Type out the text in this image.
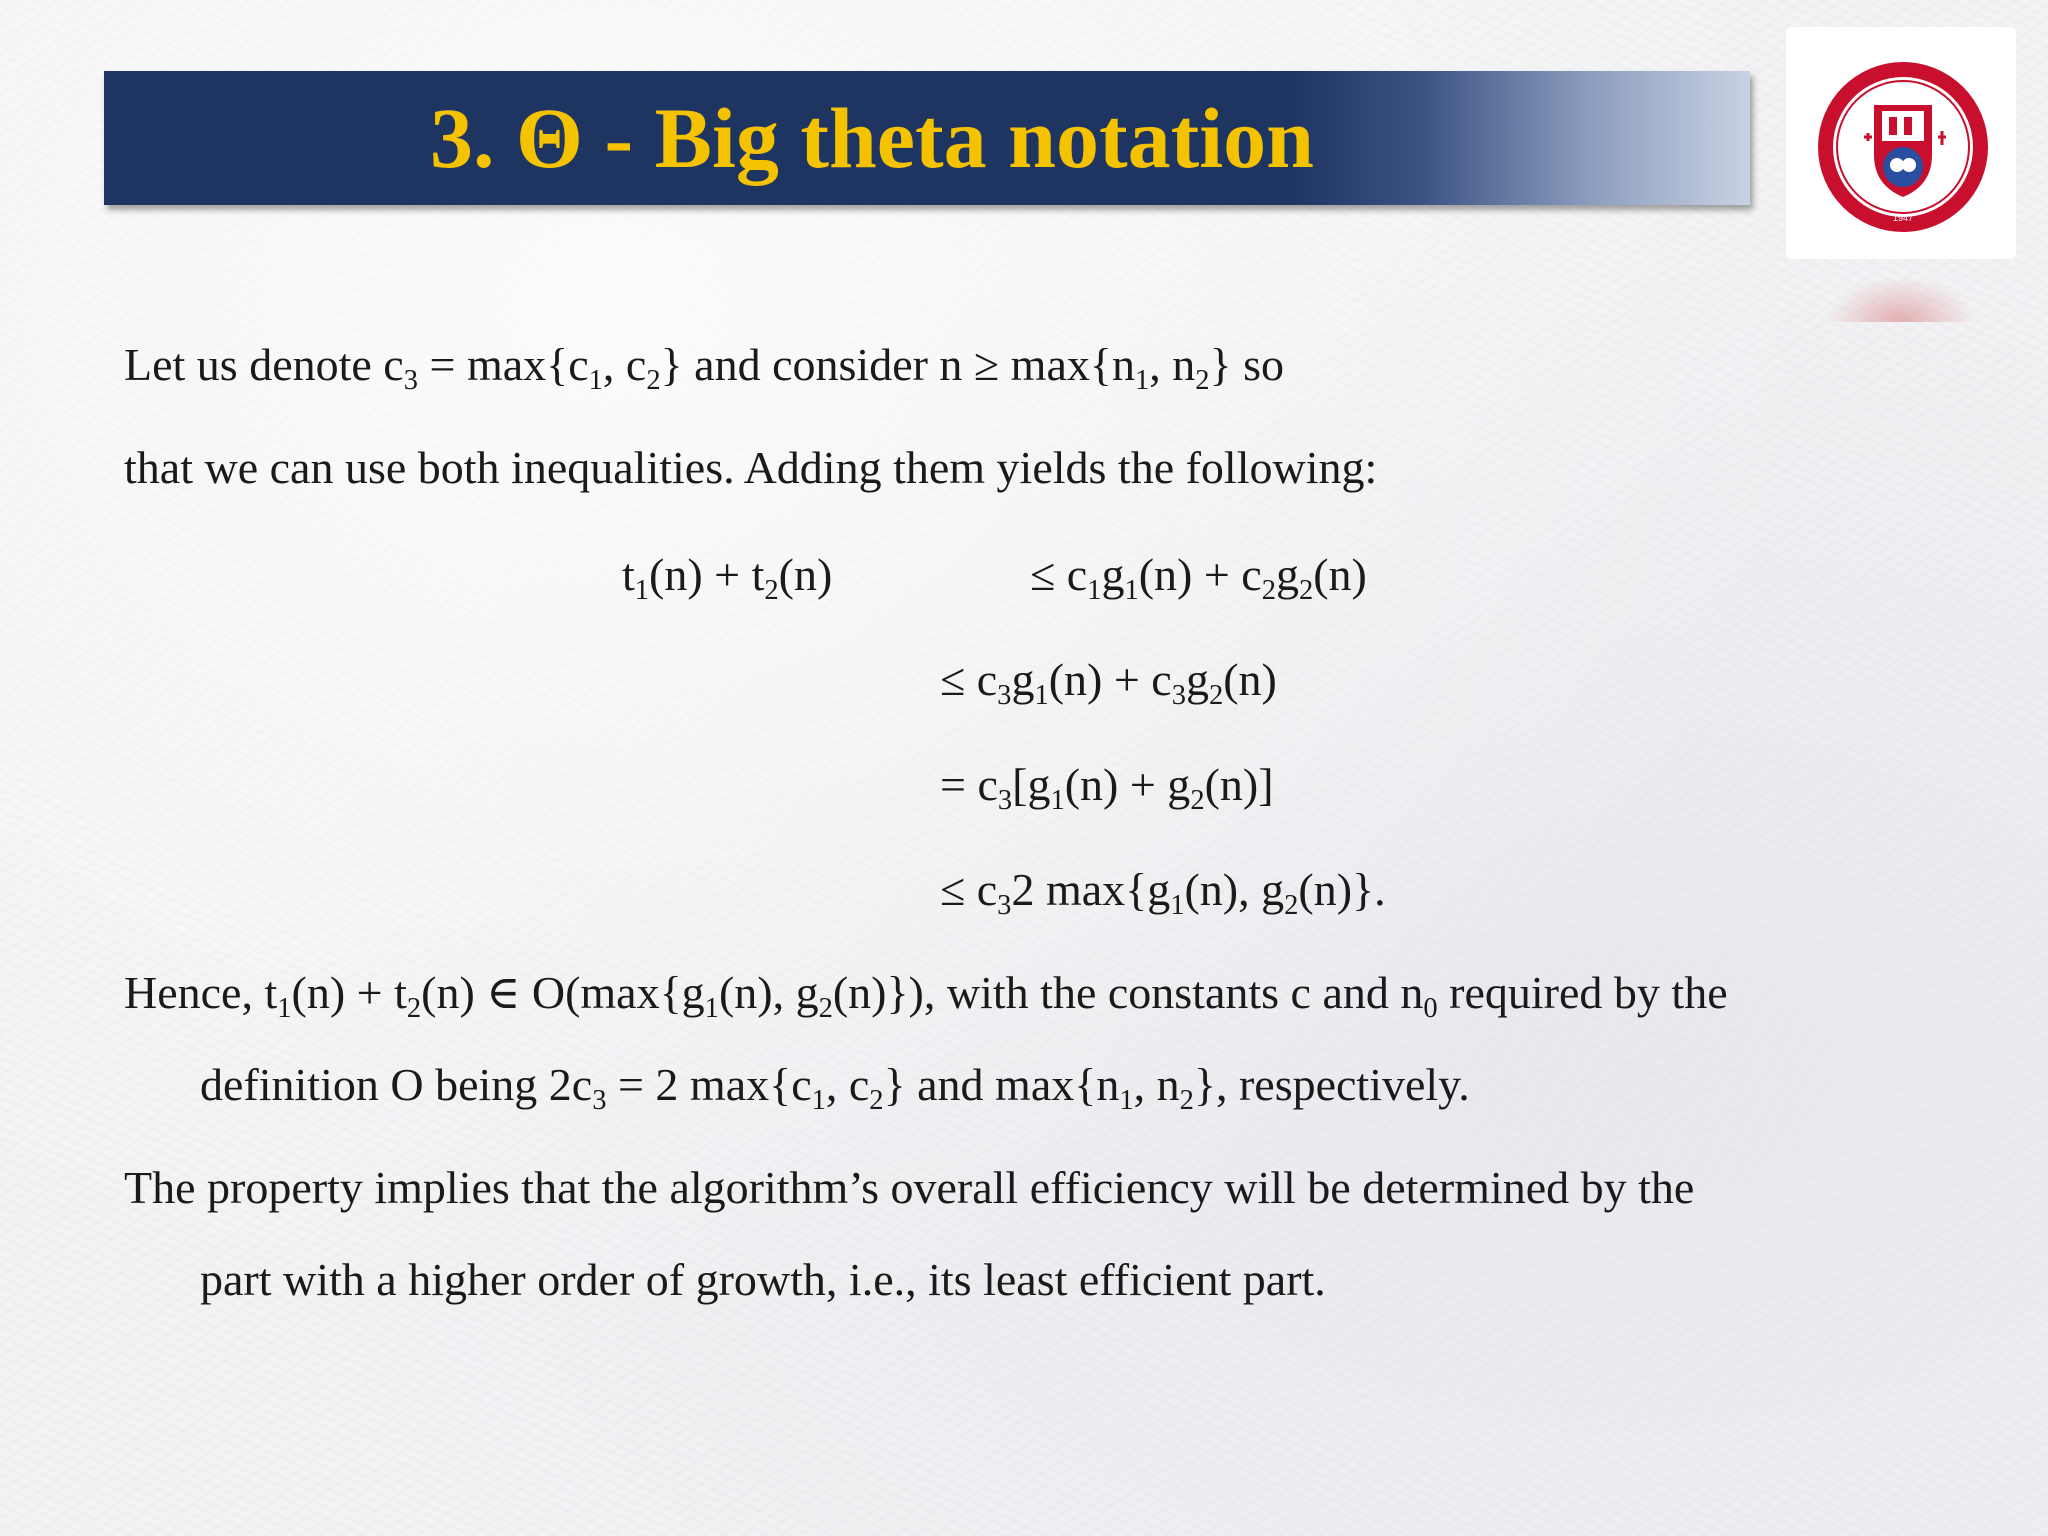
3. Θ - Big theta notation
1947
Let us denote $c_3 = \max\{c_1$, $c_2$} and consider $n \ge \max\{n_1$, $n_2$} so
that we can use both inequalities. Adding them yields the following:
$t_1(n) + t_2(n)$	≤ $c_1g_1(n) + c_2g_2(n)$
≤ $c_3g_1(n) + c_3g_2(n)$
= $c_3[g_1(n) + g_2(n)]$
≤ $c_32$ $\max\{g_1(n)$, $g_2(n)$}.
Hence, $t_1(n) + t_2(n)$ ∈ $O(\max\{g_1(n)$, $g_2(n)$}), with the constants c and $n_0$ required by the
definition O being $2c_3 = 2$ $\max\{c_1$, $c_2$} and $\max\{n_1$, $n_2$}, respectively.
The property implies that the algorithm’s overall efficiency will be determined by the
part with a higher order of growth, i.e., its least efficient part.
